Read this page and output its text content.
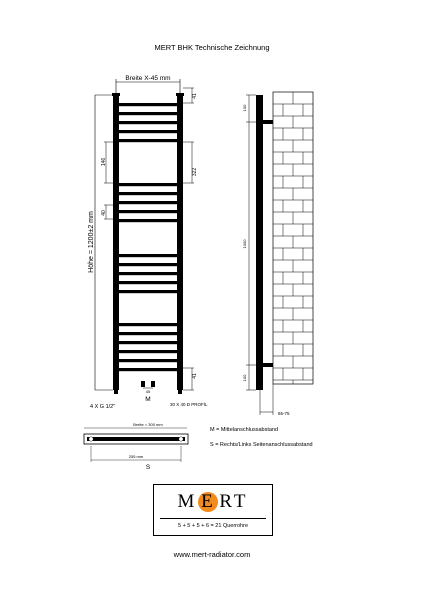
MERT BHK Technische Zeichnung
Breite X-45 mm
45
M
Höhe = 1200±2 mm
146
40
41
322
41
4 X G 1/2"	30 X 40 D PROFİL
100
1000
100
65-75
Breite = 300 mm
255 mm
S
M = Mittelanschlussabstand
S = Rechts/Links Seitenanschlussabstand
M E RT
5 + 5 + 5 + 6 = 21 Querrohre
www.mert-radiator.com
